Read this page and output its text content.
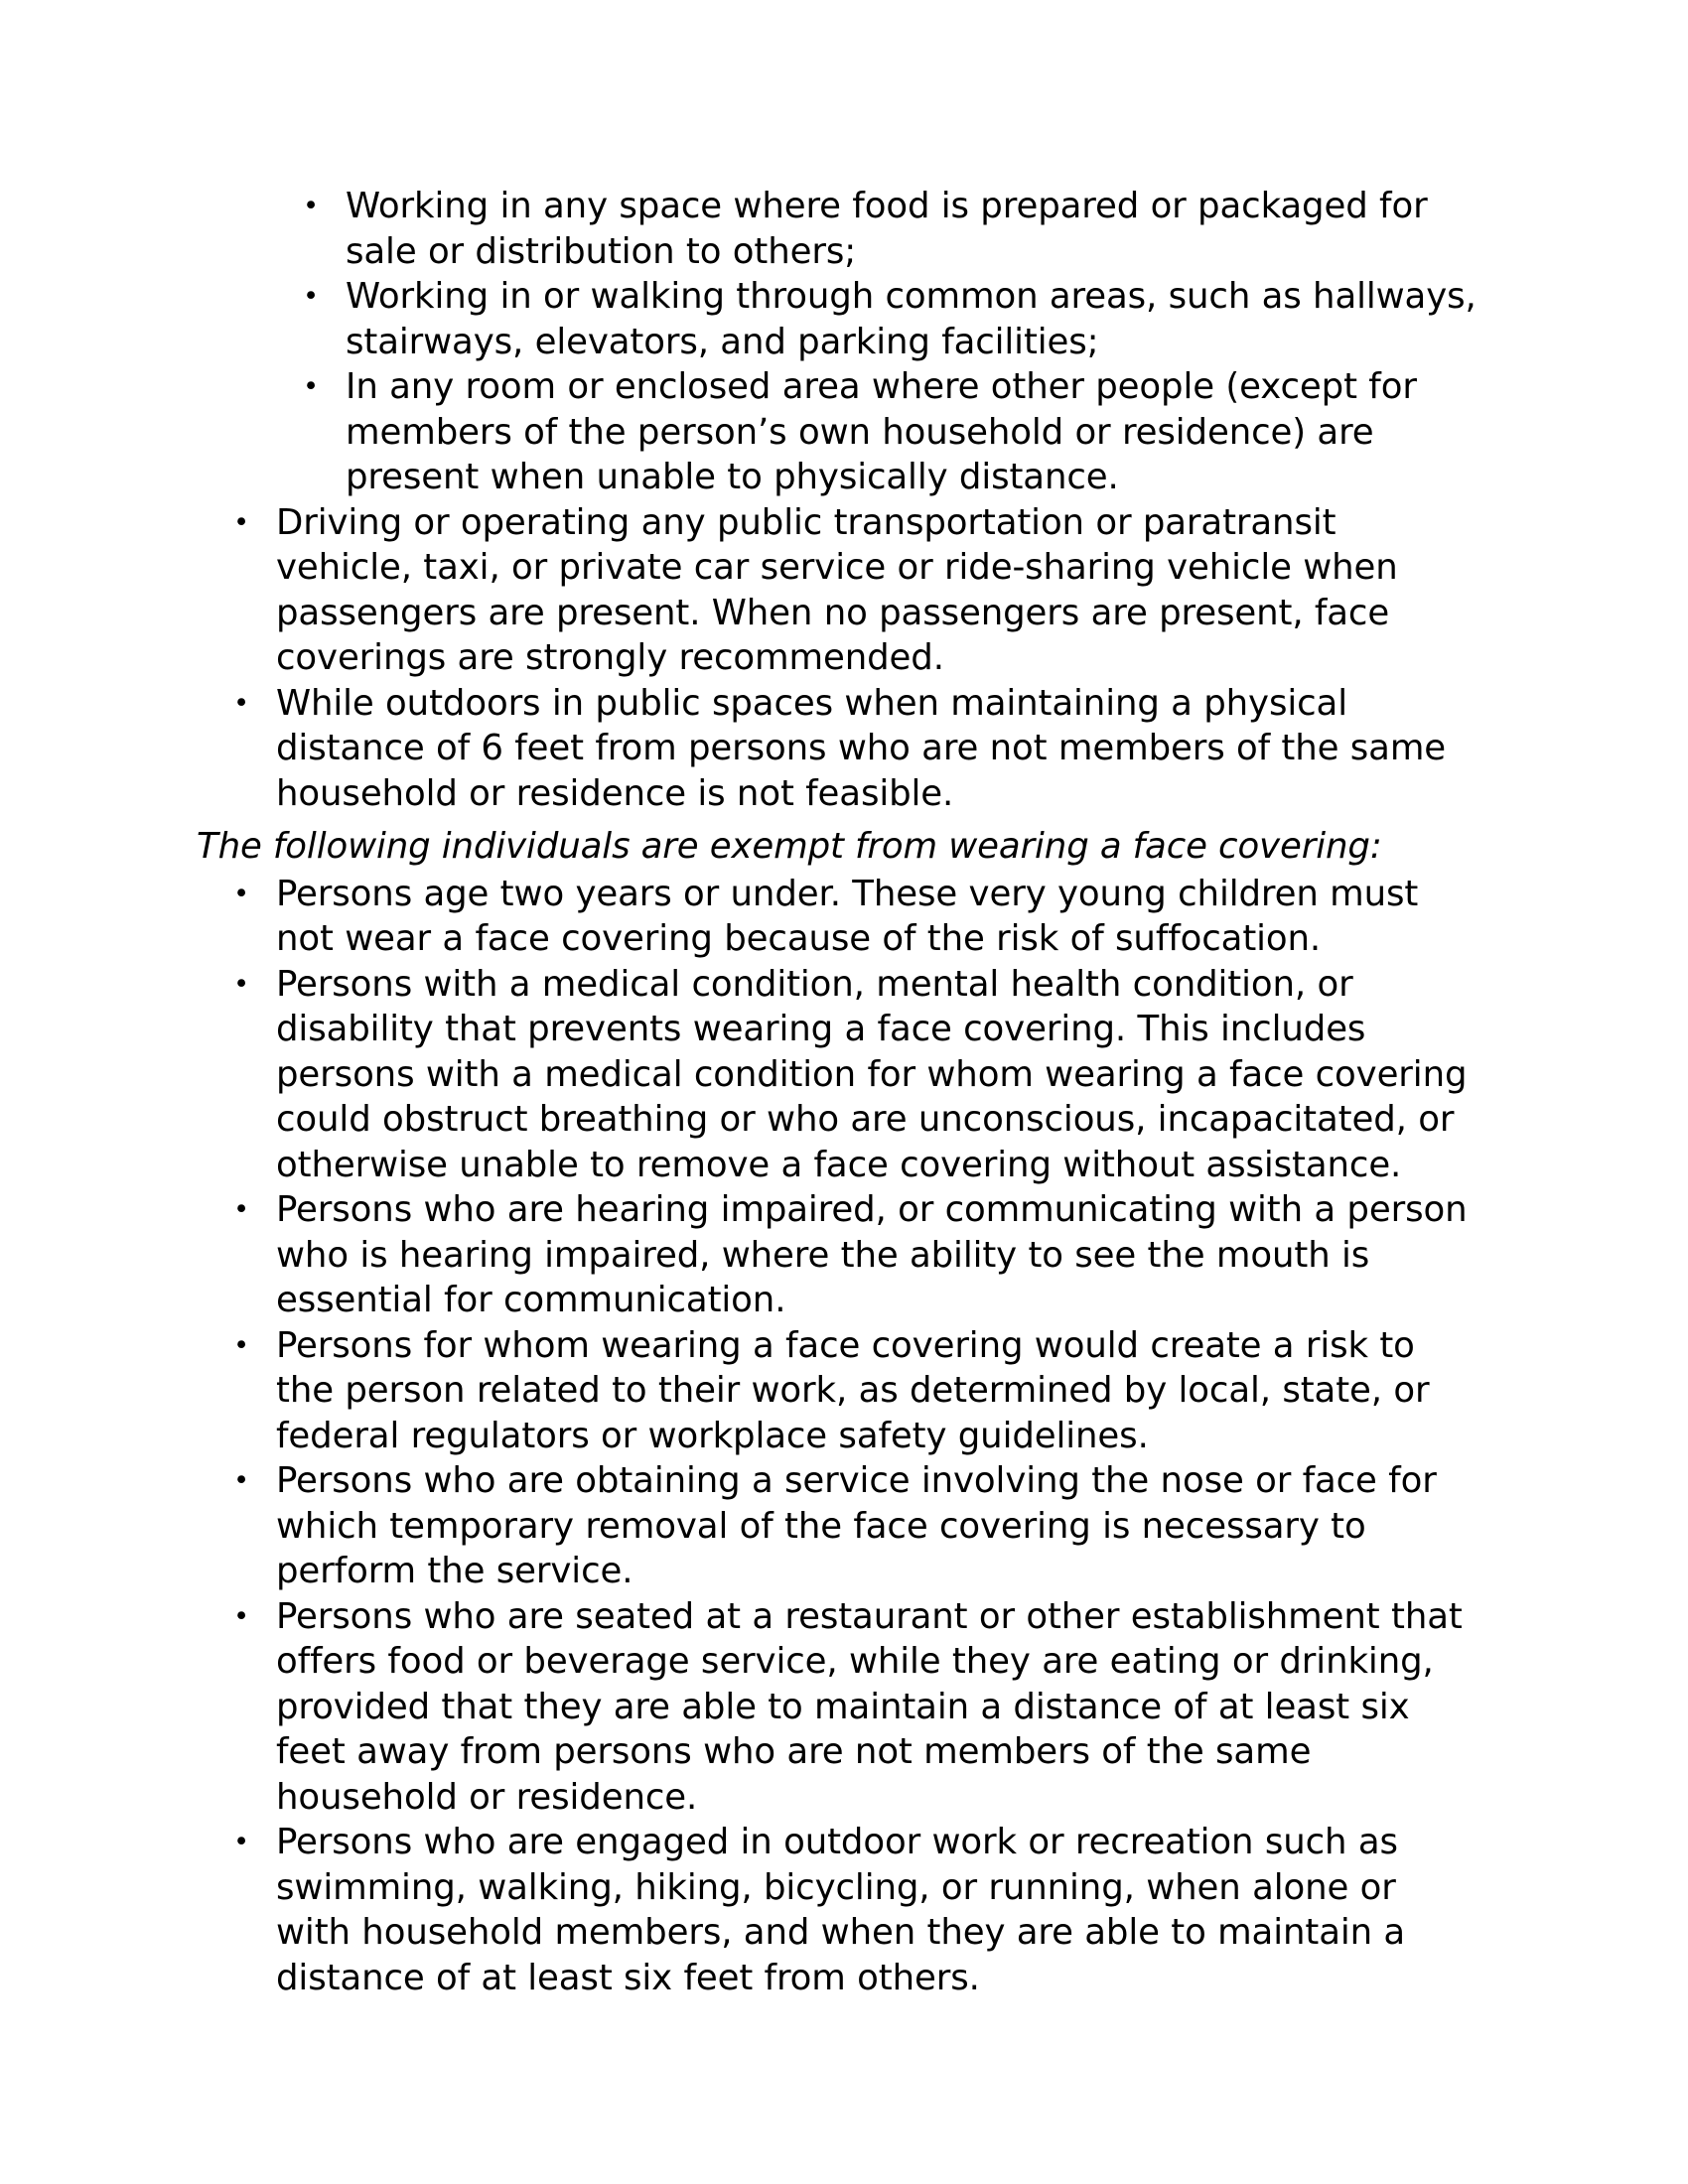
• Working in any space where food is prepared or packaged for sale or distribution to others;
• Working in or walking through common areas, such as hallways, stairways, elevators, and parking facilities;
• In any room or enclosed area where other people (except for members of the person’s own household or residence) are present when unable to physically distance.
• Driving or operating any public transportation or paratransit vehicle, taxi, or private car service or ride-sharing vehicle when passengers are present. When no passengers are present, face coverings are strongly recommended.
• While outdoors in public spaces when maintaining a physical distance of 6 feet from persons who are not members of the same household or residence is not feasible.

The following individuals are exempt from wearing a face covering:

• Persons age two years or under. These very young children must not wear a face covering because of the risk of suffocation.
• Persons with a medical condition, mental health condition, or disability that prevents wearing a face covering. This includes persons with a medical condition for whom wearing a face covering could obstruct breathing or who are unconscious, incapacitated, or otherwise unable to remove a face covering without assistance.
• Persons who are hearing impaired, or communicating with a person who is hearing impaired, where the ability to see the mouth is essential for communication.
• Persons for whom wearing a face covering would create a risk to the person related to their work, as determined by local, state, or federal regulators or workplace safety guidelines.
• Persons who are obtaining a service involving the nose or face for which temporary removal of the face covering is necessary to perform the service.
• Persons who are seated at a restaurant or other establishment that offers food or beverage service, while they are eating or drinking, provided that they are able to maintain a distance of at least six feet away from persons who are not members of the same household or residence.
• Persons who are engaged in outdoor work or recreation such as swimming, walking, hiking, bicycling, or running, when alone or with household members, and when they are able to maintain a distance of at least six feet from others.
